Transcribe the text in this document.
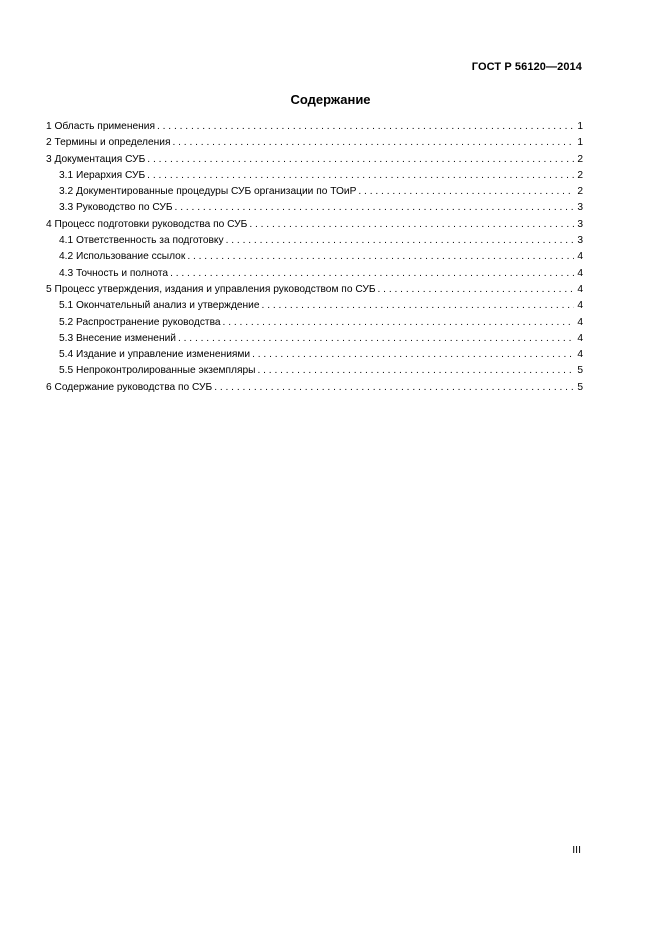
ГОСТ Р 56120—2014
Содержание
1 Область применения . . .	1
2 Термины и определения . . .	1
3 Документация СУБ . . .	2
3.1 Иерархия СУБ . . .	2
3.2 Документированные процедуры СУБ организации по ТОиР . . .	2
3.3 Руководство по СУБ . . .	3
4 Процесс подготовки руководства по СУБ . . .	3
4.1 Ответственность за подготовку . . .	3
4.2 Использование ссылок . . .	4
4.3 Точность и полнота . . .	4
5 Процесс утверждения, издания и управления руководством по СУБ . . .	4
5.1 Окончательный анализ и утверждение . . .	4
5.2 Распространение руководства . . .	4
5.3 Внесение изменений . . .	4
5.4 Издание и управление изменениями . . .	4
5.5 Непроконтролированные экземпляры . . .	5
6 Содержание руководства по СУБ . . .	5
III
